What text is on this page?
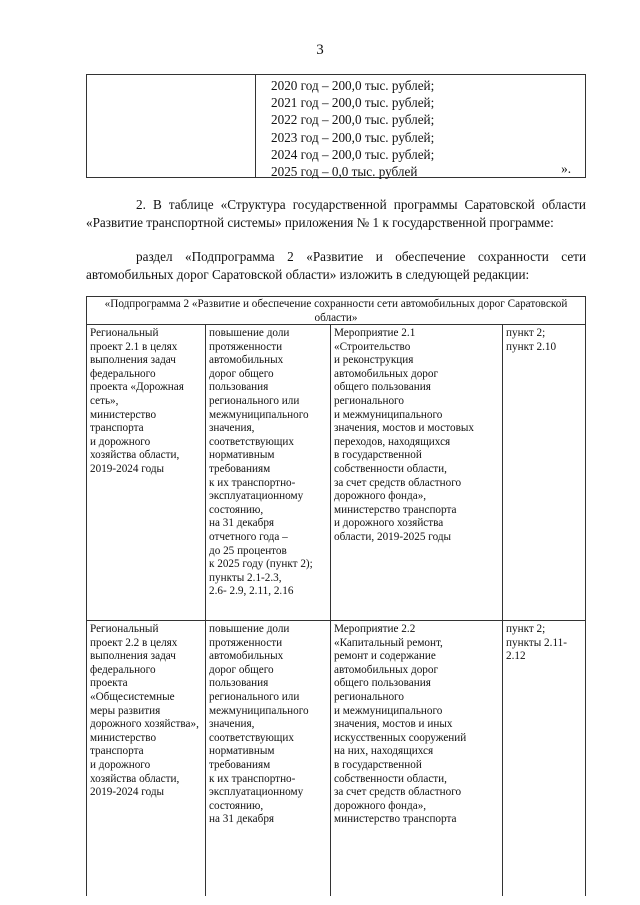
3
2020 год – 200,0 тыс. рублей;
2021 год – 200,0 тыс. рублей;
2022 год – 200,0 тыс. рублей;
2023 год – 200,0 тыс. рублей;
2024 год – 200,0 тыс. рублей;
2025 год – 0,0 тыс. рублей	».
2. В таблице «Структура государственной программы Саратовской области «Развитие транспортной системы» приложения № 1 к государственной программе:
раздел «Подпрограмма 2 «Развитие и обеспечение сохранности сети автомобильных дорог Саратовской области» изложить в следующей редакции:
«Подпрограмма 2 «Развитие и обеспечение сохранности сети автомобильных дорог Саратовской области»
Региональный
проект 2.1 в целях
выполнения задач
федерального
проекта «Дорожная
сеть»,
министерство
транспорта
и дорожного
хозяйства области,
2019-2024 годы
повышение доли
протяженности
автомобильных
дорог общего
пользования
регионального или
межмуниципального
значения,
соответствующих
нормативным
требованиям
к их транспортно-
эксплуатационному
состоянию,
на 31 декабря
отчетного года –
до 25 процентов
к 2025 году (пункт 2);
пункты 2.1-2.3,
2.6- 2.9, 2.11, 2.16
Мероприятие 2.1
«Строительство
и реконструкция
автомобильных дорог
общего пользования
регионального
и межмуниципального
значения, мостов и мостовых
переходов, находящихся
в государственной
собственности области,
за счет средств областного
дорожного фонда»,
министерство транспорта
и дорожного хозяйства
области, 2019-2025 годы
пункт 2;
пункт 2.10
Региональный
проект 2.2 в целях
выполнения задач
федерального
проекта
«Общесистемные
меры развития
дорожного хозяйства»,
министерство
транспорта
и дорожного
хозяйства области,
2019-2024 годы
повышение доли
протяженности
автомобильных
дорог общего
пользования
регионального или
межмуниципального
значения,
соответствующих
нормативным
требованиям
к их транспортно-
эксплуатационному
состоянию,
на 31 декабря
Мероприятие 2.2
«Капитальный ремонт,
ремонт и содержание
автомобильных дорог
общего пользования
регионального
и межмуниципального
значения, мостов и иных
искусственных сооружений
на них, находящихся
в государственной
собственности области,
за счет средств областного
дорожного фонда»,
министерство транспорта
пункт 2;
пункты 2.11-
2.12
